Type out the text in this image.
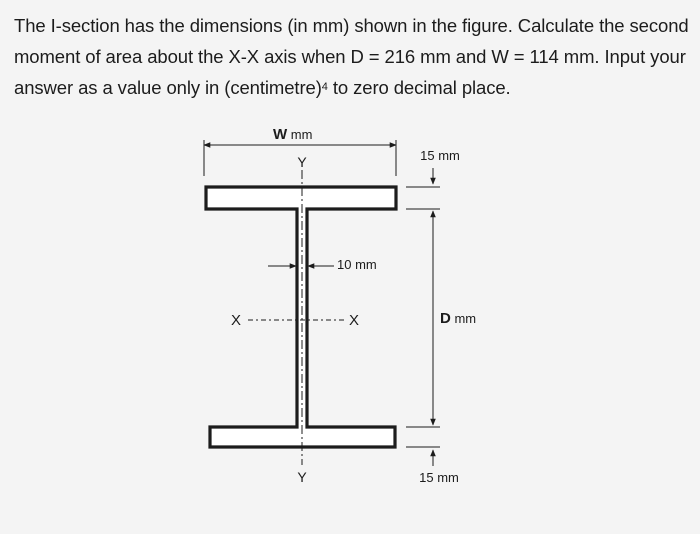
The I-section has the dimensions (in mm) shown in the figure. Calculate the second moment of area about the X-X axis when D = 216 mm and W = 114 mm. Input your answer as a value only in (centimetre)$^4$ to zero decimal place.
W mm
Y
Y
X	X
10 mm
15 mm
D mm
15 mm
